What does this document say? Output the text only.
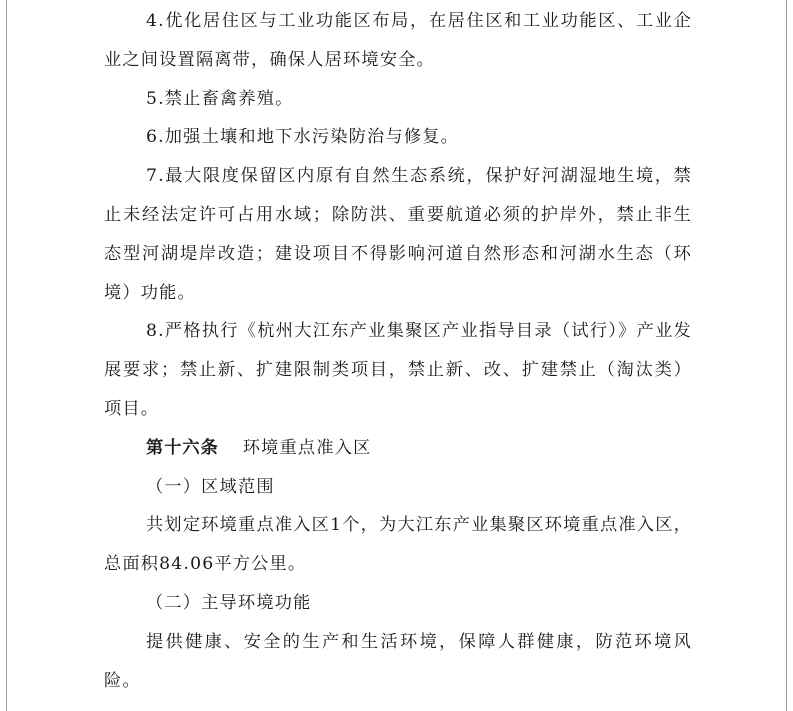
4.优化居住区与工业功能区布局，在居住区和工业功能区、工业企业之间设置隔离带，确保人居环境安全。

5.禁止畜禽养殖。

6.加强土壤和地下水污染防治与修复。

7.最大限度保留区内原有自然生态系统，保护好河湖湿地生境，禁止未经法定许可占用水域；除防洪、重要航道必须的护岸外，禁止非生态型河湖堤岸改造；建设项目不得影响河道自然形态和河湖水生态（环境）功能。

8.严格执行《杭州大江东产业集聚区产业指导目录（试行）》产业发展要求；禁止新、扩建限制类项目，禁止新、改、扩建禁止（淘汰类）项目。

第十六条 环境重点准入区

（一）区域范围

共划定环境重点准入区1个，为大江东产业集聚区环境重点准入区，总面积84.06平方公里。

（二）主导环境功能

提供健康、安全的生产和生活环境，保障人群健康，防范环境风险。
